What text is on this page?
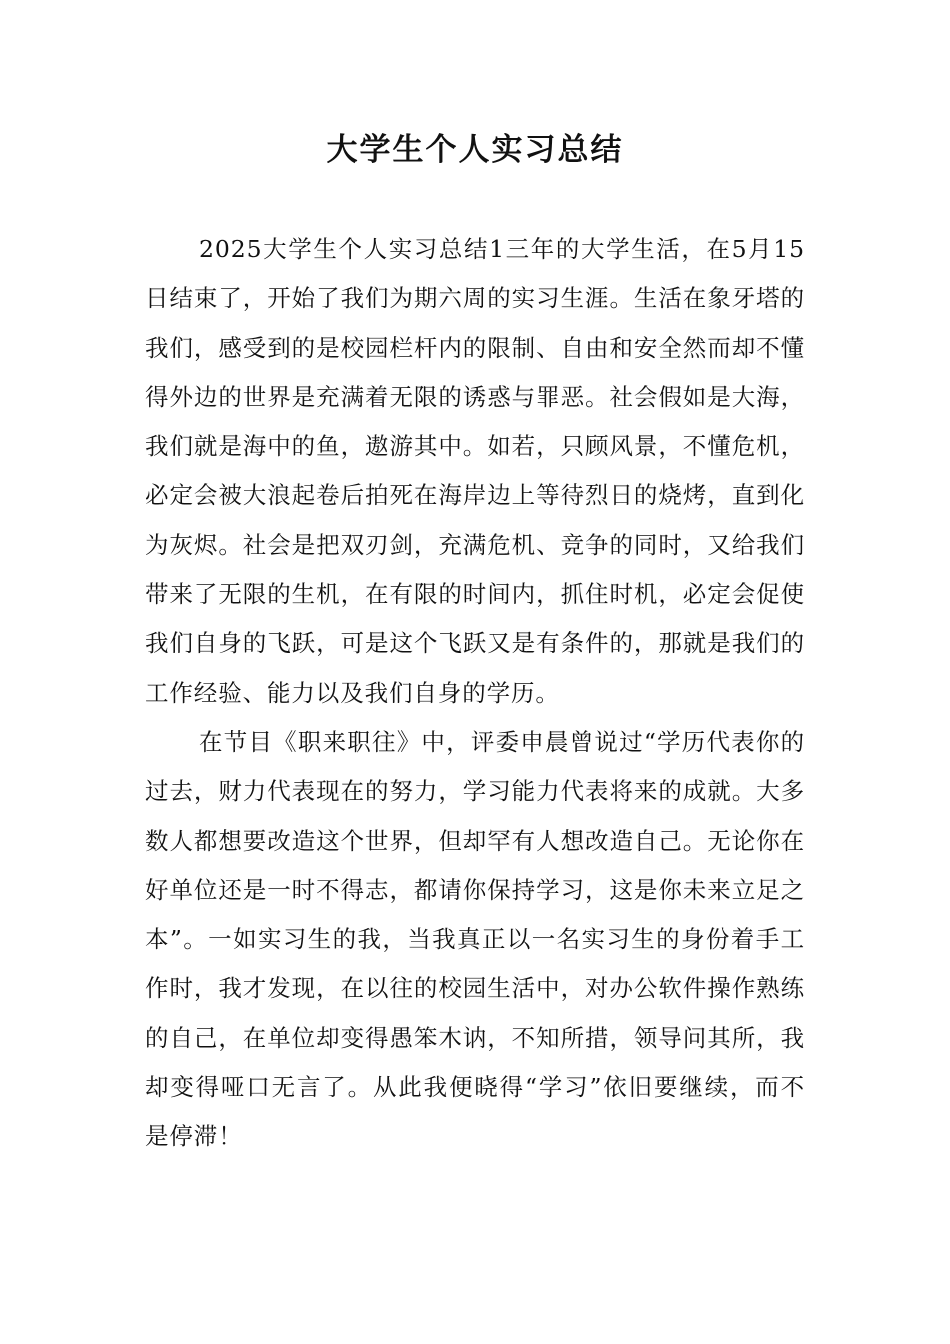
大学生个人实习总结

2025大学生个人实习总结1三年的大学生活，在5月15日结束了，开始了我们为期六周的实习生涯。生活在象牙塔的我们，感受到的是校园栏杆内的限制、自由和安全然而却不懂得外边的世界是充满着无限的诱惑与罪恶。社会假如是大海，我们就是海中的鱼，遨游其中。如若，只顾风景，不懂危机，必定会被大浪起卷后拍死在海岸边上等待烈日的烧烤，直到化为灰烬。社会是把双刃剑，充满危机、竞争的同时，又给我们带来了无限的生机，在有限的时间内，抓住时机，必定会促使我们自身的飞跃，可是这个飞跃又是有条件的，那就是我们的工作经验、能力以及我们自身的学历。

在节目《职来职往》中，评委申晨曾说过“学历代表你的过去，财力代表现在的努力，学习能力代表将来的成就。大多数人都想要改造这个世界，但却罕有人想改造自己。无论你在好单位还是一时不得志，都请你保持学习，这是你未来立足之本”。一如实习生的我，当我真正以一名实习生的身份着手工作时，我才发现，在以往的校园生活中，对办公软件操作熟练的自己，在单位却变得愚笨木讷，不知所措，领导问其所，我却变得哑口无言了。从此我便晓得“学习”依旧要继续，而不是停滞！
